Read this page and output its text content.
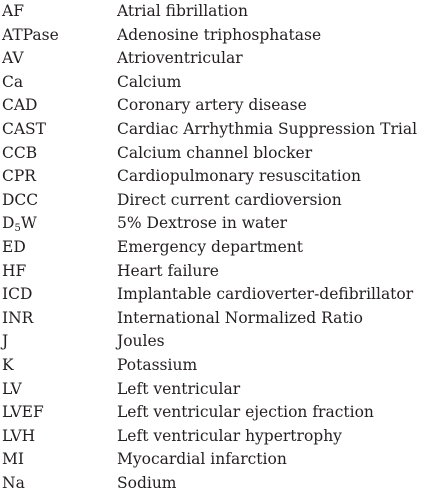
AF	Atrial fibrillation
ATPase	Adenosine triphosphatase
AV	Atrioventricular
Ca	Calcium
CAD	Coronary artery disease
CAST	Cardiac Arrhythmia Suppression Trial
CCB	Calcium channel blocker
CPR	Cardiopulmonary resuscitation
DCC	Direct current cardioversion
$D_5W$	5% Dextrose in water
ED	Emergency department
HF	Heart failure
ICD	Implantable cardioverter-defibrillator
INR	International Normalized Ratio
J	Joules
K	Potassium
LV	Left ventricular
LVEF	Left ventricular ejection fraction
LVH	Left ventricular hypertrophy
MI	Myocardial infarction
Na	Sodium
